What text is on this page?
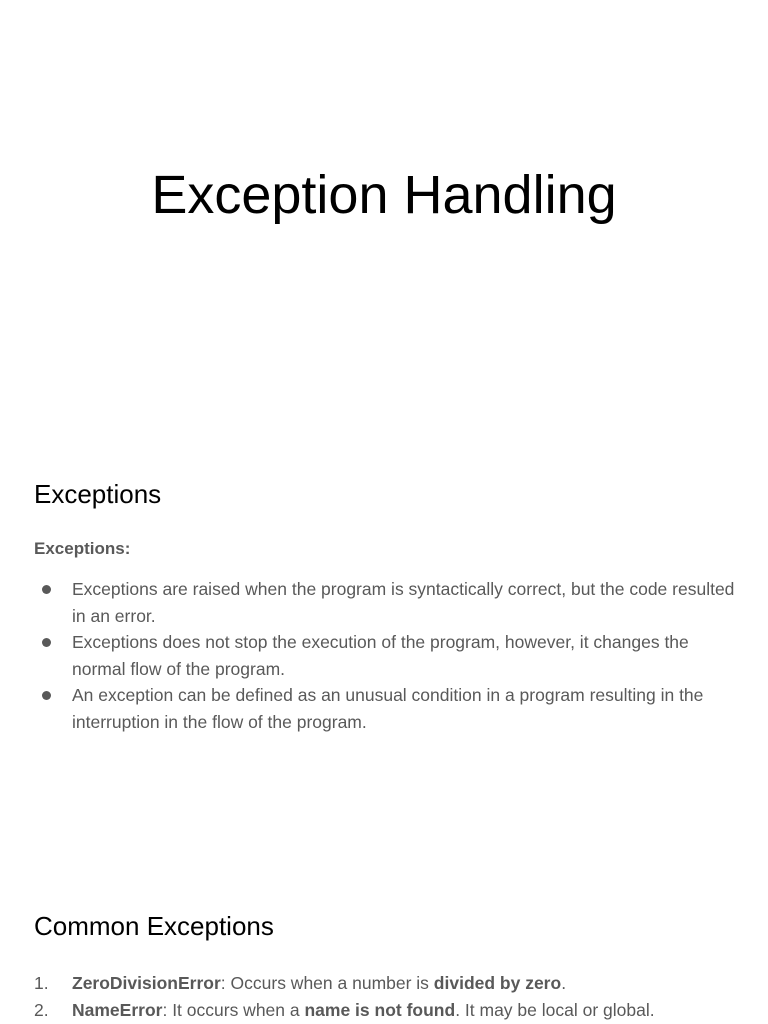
Exception Handling
Exceptions

Exceptions:

Exceptions are raised when the program is syntactically correct, but the code resulted in an error.
Exceptions does not stop the execution of the program, however, it changes the normal flow of the program.
An exception can be defined as an unusual condition in a program resulting in the interruption in the flow of the program.
Common Exceptions
1. ZeroDivisionError: Occurs when a number is divided by zero.
2. NameError: It occurs when a name is not found. It may be local or global.
